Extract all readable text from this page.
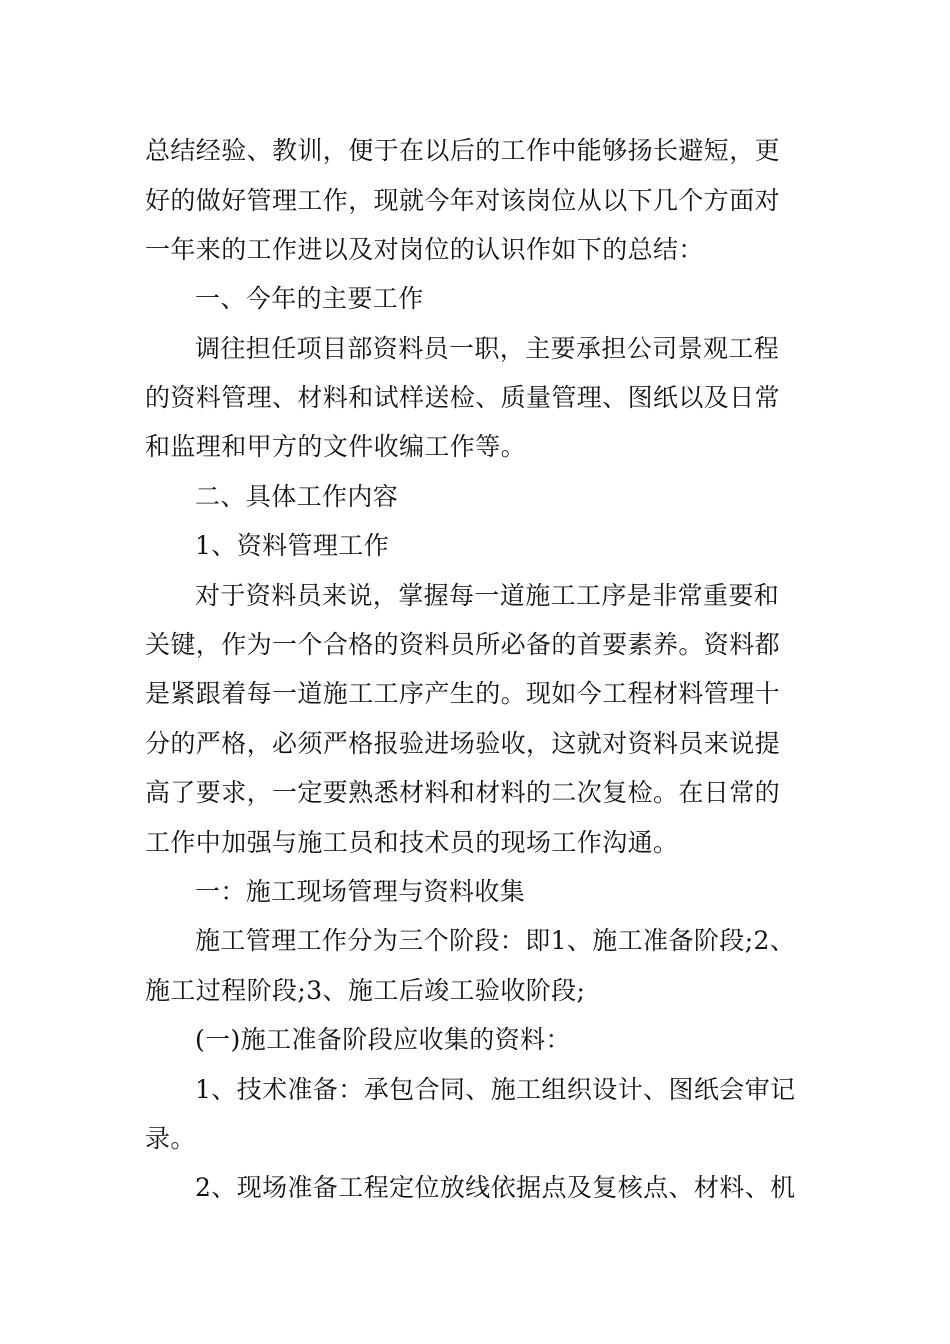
总结经验、教训，便于在以后的工作中能够扬长避短，更
好的做好管理工作，现就今年对该岗位从以下几个方面对
一年来的工作进以及对岗位的认识作如下的总结：
一、今年的主要工作
调往担任项目部资料员一职，主要承担公司景观工程
的资料管理、材料和试样送检、质量管理、图纸以及日常
和监理和甲方的文件收编工作等。
二、具体工作内容
1、资料管理工作
对于资料员来说，掌握每一道施工工序是非常重要和
关键，作为一个合格的资料员所必备的首要素养。资料都
是紧跟着每一道施工工序产生的。现如今工程材料管理十
分的严格，必须严格报验进场验收，这就对资料员来说提
高了要求，一定要熟悉材料和材料的二次复检。在日常的
工作中加强与施工员和技术员的现场工作沟通。
一：施工现场管理与资料收集
施工管理工作分为三个阶段：即1、施工准备阶段;2、
施工过程阶段;3、施工后竣工验收阶段;
(一)施工准备阶段应收集的资料：
1、技术准备：承包合同、施工组织设计、图纸会审记
录。
2、现场准备工程定位放线依据点及复核点、材料、机
